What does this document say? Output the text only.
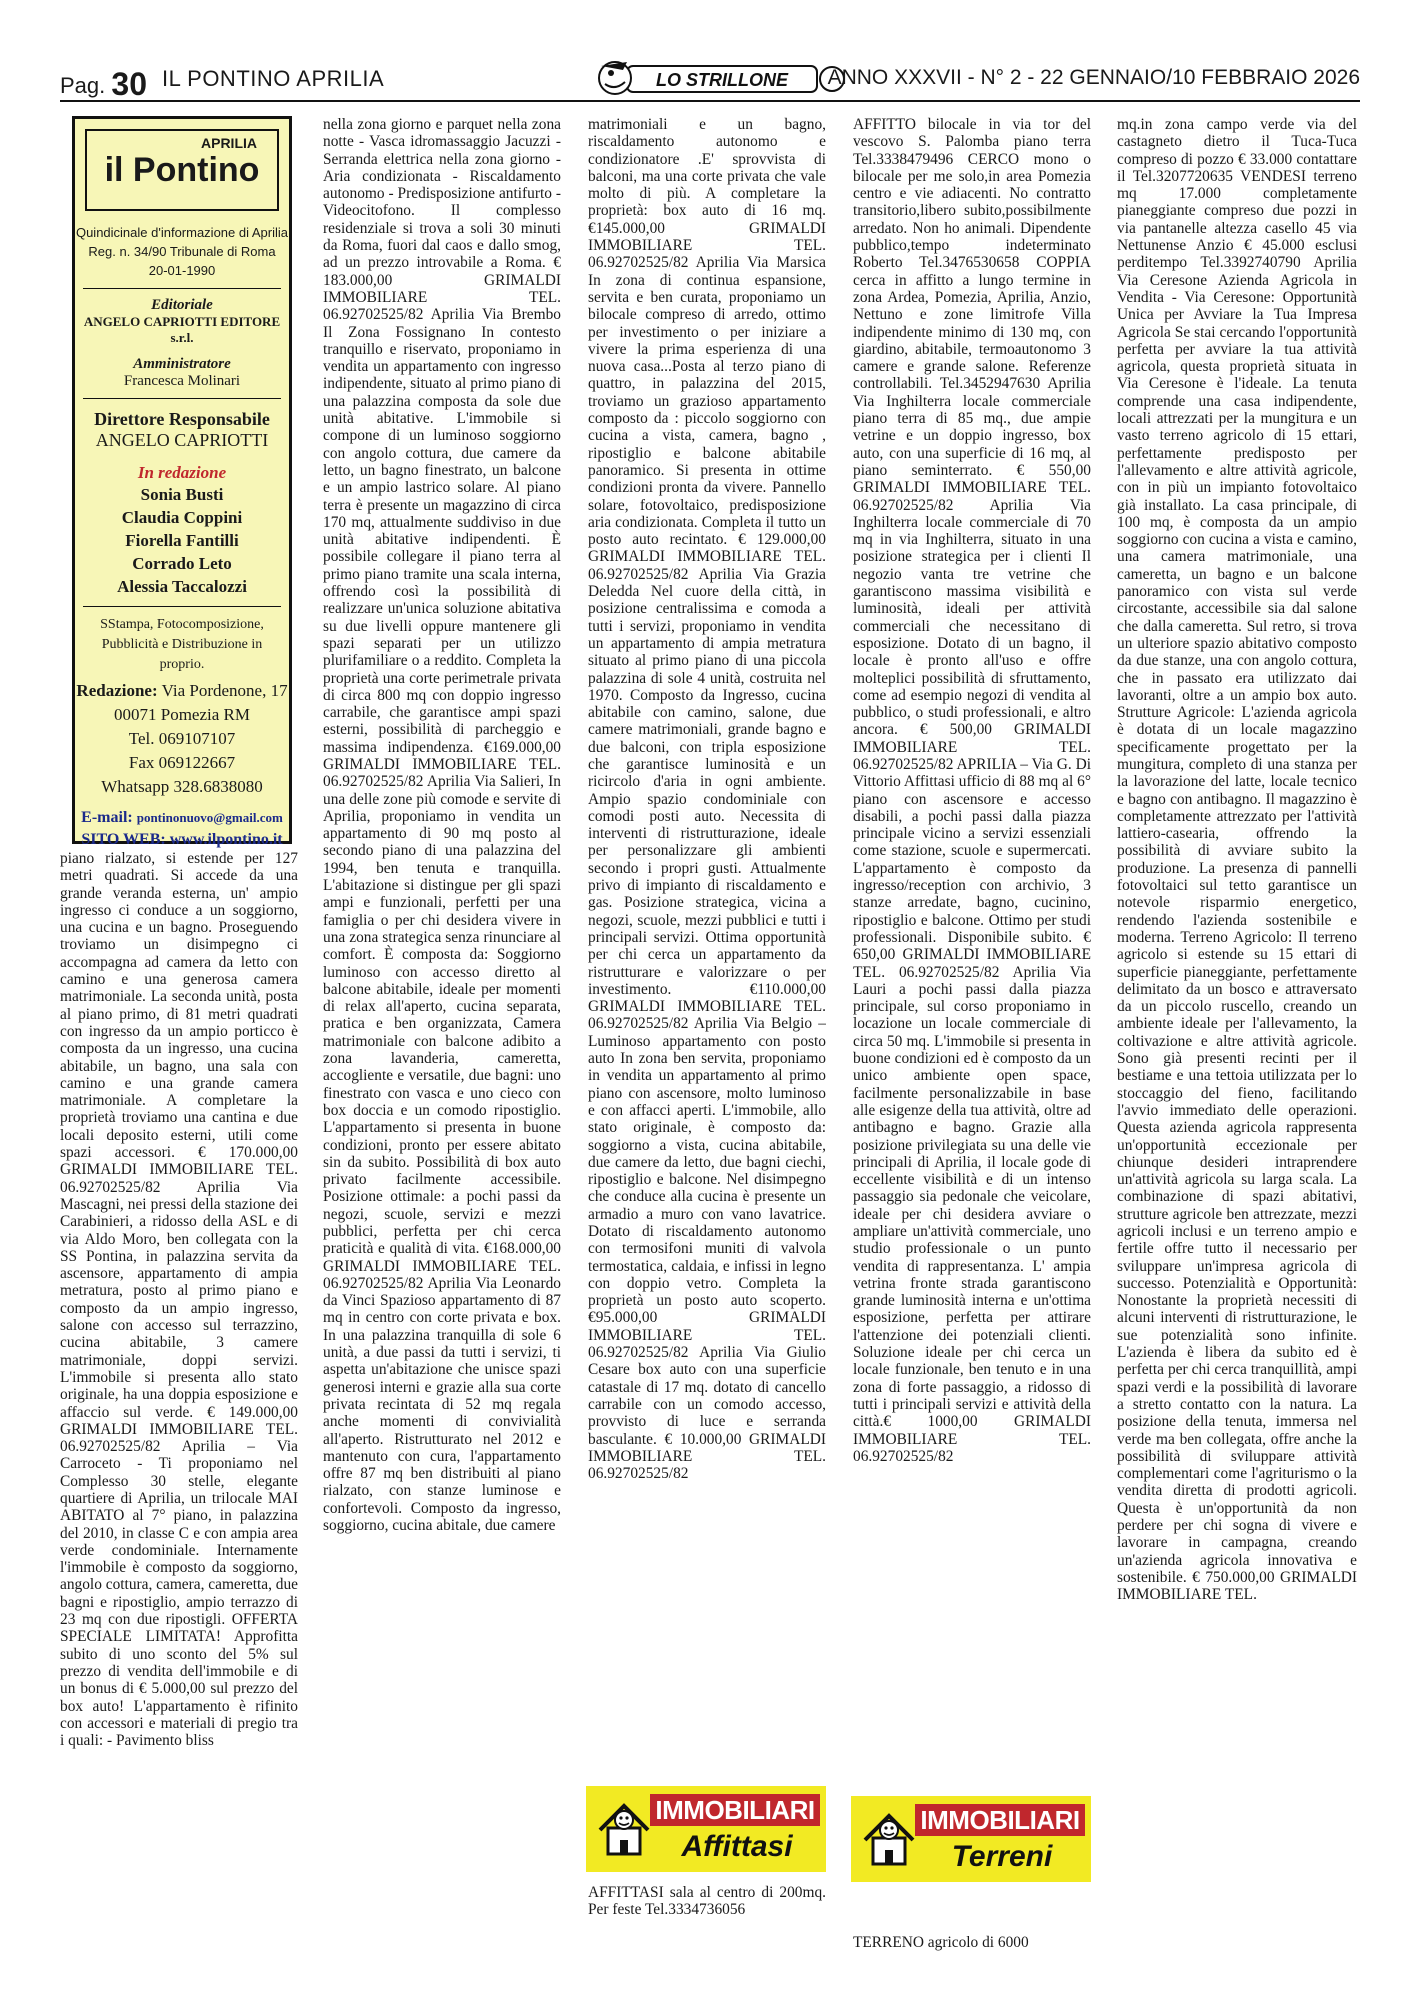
Pag. 30 IL PONTINO APRILIA	LO STRILLONE ANNO XXXVII - N° 2 - 22 GENNAIO/10 FEBBRAIO 2026
APRILIA
il Pontino
Quindicinale d'informazione di Aprilia
Reg. n. 34/90 Tribunale di Roma
20-01-1990
Editoriale
ANGELO CAPRIOTTI EDITORE s.r.l.
Amministratore
Francesca Molinari
Direttore Responsabile
ANGELO CAPRIOTTI
In redazione
Sonia Busti
Claudia Coppini
Fiorella Fantilli
Corrado Leto
Alessia Taccalozzi
SStampa, Fotocomposizione, Pubblicità e Distribuzione in proprio.
Redazione: Via Pordenone, 17
00071 Pomezia RM
Tel. 069107107
Fax 069122667
Whatsapp 328.6838080
E-mail: pontinonuovo@gmail.com
SITO WEB: www.ilpontino.it

piano rialzato, si estende per 127 metri quadrati. Si accede da una grande veranda esterna, un' ampio ingresso ci conduce a un soggiorno, una cucina e un bagno. Proseguendo troviamo un disimpegno ci accompagna ad camera da letto con camino e una generosa camera matrimoniale. La seconda unità, posta al piano primo, di 81 metri quadrati con ingresso da un ampio porticco è composta da un ingresso, una cucina abitabile, un bagno, una sala con camino e una grande camera matrimoniale. A completare la proprietà troviamo una cantina e due locali deposito esterni, utili come spazi accessori. € 170.000,00 GRIMALDI IMMOBILIARE TEL. 06.92702525/82 Aprilia Via Mascagni, nei pressi della stazione dei Carabinieri, a ridosso della ASL e di via Aldo Moro, ben collegata con la SS Pontina, in palazzina servita da ascensore, appartamento di ampia metratura, posto al primo piano e composto da un ampio ingresso, salone con accesso sul terrazzino, cucina abitabile, 3 camere matrimoniale, doppi servizi. L'immobile si presenta allo stato originale, ha una doppia esposizione e affaccio sul verde. € 149.000,00 GRIMALDI IMMOBILIARE TEL. 06.92702525/82 Aprilia – Via Carroceto - Ti proponiamo nel Complesso 30 stelle, elegante quartiere di Aprilia, un trilocale MAI ABITATO al 7° piano, in palazzina del 2010, in classe C e con ampia area verde condominiale. Internamente l'immobile è composto da soggiorno, angolo cottura, camera, cameretta, due bagni e ripostiglio, ampio terrazzo di 23 mq con due ripostigli. OFFERTA SPECIALE LIMITATA! Approfitta subito di uno sconto del 5% sul prezzo di vendita dell'immobile e di un bonus di € 5.000,00 sul prezzo del box auto! L'appartamento è rifinito con accessori e materiali di pregio tra i quali: - Pavimento bliss

nella zona giorno e parquet nella zona notte - Vasca idromassaggio Jacuzzi - Serranda elettrica nella zona giorno - Aria condizionata - Riscaldamento autonomo - Predisposizione antifurto - Videocitofono. Il complesso residenziale si trova a soli 30 minuti da Roma, fuori dal caos e dallo smog, ad un prezzo introvabile a Roma. € 183.000,00 GRIMALDI IMMOBILIARE TEL. 06.92702525/82 Aprilia Via Brembo Il Zona Fossignano In contesto tranquillo e riservato, proponiamo in vendita un appartamento con ingresso indipendente, situato al primo piano di una palazzina composta da sole due unità abitative. L'immobile si compone di un luminoso soggiorno con angolo cottura, due camere da letto, un bagno finestrato, un balcone e un ampio lastrico solare. Al piano terra è presente un magazzino di circa 170 mq, attualmente suddiviso in due unità abitative indipendenti. È possibile collegare il piano terra al primo piano tramite una scala interna, offrendo così la possibilità di realizzare un'unica soluzione abitativa su due livelli oppure mantenere gli spazi separati per un utilizzo plurifamiliare o a reddito. Completa la proprietà una corte perimetrale privata di circa 800 mq con doppio ingresso carrabile, che garantisce ampi spazi esterni, possibilità di parcheggio e massima indipendenza. €169.000,00 GRIMALDI IMMOBILIARE TEL. 06.92702525/82 Aprilia Via Salieri, In una delle zone più comode e servite di Aprilia, proponiamo in vendita un appartamento di 90 mq posto al secondo piano di una palazzina del 1994, ben tenuta e tranquilla. L'abitazione si distingue per gli spazi ampi e funzionali, perfetti per una famiglia o per chi desidera vivere in una zona strategica senza rinunciare al comfort. È composta da: Soggiorno luminoso con accesso diretto al balcone abitabile, ideale per momenti di relax all'aperto, cucina separata, pratica e ben organizzata, Camera matrimoniale con balcone adibito a zona lavanderia, cameretta, accogliente e versatile, due bagni: uno finestrato con vasca e uno cieco con box doccia e un comodo ripostiglio. L'appartamento si presenta in buone condizioni, pronto per essere abitato sin da subito. Possibilità di box auto privato facilmente accessibile. Posizione ottimale: a pochi passi da negozi, scuole, servizi e mezzi pubblici, perfetta per chi cerca praticità e qualità di vita. €168.000,00 GRIMALDI IMMOBILIARE TEL. 06.92702525/82 Aprilia Via Leonardo da Vinci Spazioso appartamento di 87 mq in centro con corte privata e box. In una palazzina tranquilla di sole 6 unità, a due passi da tutti i servizi, ti aspetta un'abitazione che unisce spazi generosi interni e grazie alla sua corte privata recintata di 52 mq regala anche momenti di convivialità all'aperto. Ristrutturato nel 2012 e mantenuto con cura, l'appartamento offre 87 mq ben distribuiti al piano rialzato, con stanze luminose e confortevoli. Composto da ingresso, soggiorno, cucina abitale, due camere

matrimoniali e un bagno, riscaldamento autonomo e condizionatore .E' sprovvista di balconi, ma una corte privata che vale molto di più. A completare la proprietà: box auto di 16 mq. €145.000,00 GRIMALDI IMMOBILIARE TEL. 06.92702525/82 Aprilia Via Marsica In zona di continua espansione, servita e ben curata, proponiamo un bilocale compreso di arredo, ottimo per investimento o per iniziare a vivere la prima esperienza di una nuova casa...Posta al terzo piano di quattro, in palazzina del 2015, troviamo un grazioso appartamento composto da : piccolo soggiorno con cucina a vista, camera, bagno , ripostiglio e balcone abitabile panoramico. Si presenta in ottime condizioni pronta da vivere. Pannello solare, fotovoltaico, predisposizione aria condizionata. Completa il tutto un posto auto recintato. € 129.000,00 GRIMALDI IMMOBILIARE TEL. 06.92702525/82 Aprilia Via Grazia Deledda Nel cuore della città, in posizione centralissima e comoda a tutti i servizi, proponiamo in vendita un appartamento di ampia metratura situato al primo piano di una piccola palazzina di sole 4 unità, costruita nel 1970. Composto da Ingresso, cucina abitabile con camino, salone, due camere matrimoniali, grande bagno e due balconi, con tripla esposizione che garantisce luminosità e un ricircolo d'aria in ogni ambiente. Ampio spazio condominiale con comodi posti auto. Necessita di interventi di ristrutturazione, ideale per personalizzare gli ambienti secondo i propri gusti. Attualmente privo di impianto di riscaldamento e gas. Posizione strategica, vicina a negozi, scuole, mezzi pubblici e tutti i principali servizi. Ottima opportunità per chi cerca un appartamento da ristrutturare e valorizzare o per investimento. €110.000,00 GRIMALDI IMMOBILIARE TEL. 06.92702525/82 Aprilia Via Belgio – Luminoso appartamento con posto auto In zona ben servita, proponiamo in vendita un appartamento al primo piano con ascensore, molto luminoso e con affacci aperti. L'immobile, allo stato originale, è composto da: soggiorno a vista, cucina abitabile, due camere da letto, due bagni ciechi, ripostiglio e balcone. Nel disimpegno che conduce alla cucina è presente un armadio a muro con vano lavatrice. Dotato di riscaldamento autonomo con termosifoni muniti di valvola termostatica, caldaia, e infissi in legno con doppio vetro. Completa la proprietà un posto auto scoperto. €95.000,00 GRIMALDI IMMOBILIARE TEL. 06.92702525/82 Aprilia Via Giulio Cesare box auto con una superficie catastale di 17 mq. dotato di cancello carrabile con un comodo accesso, provvisto di luce e serranda basculante. € 10.000,00 GRIMALDI IMMOBILIARE TEL. 06.92702525/82

AFFITTO bilocale in via tor del vescovo S. Palomba piano terra Tel.3338479496 CERCO mono o bilocale per me solo,in area Pomezia centro e vie adiacenti. No contratto transitorio,libero subito,possibilmente arredato. Non ho animali. Dipendente pubblico,tempo indeterminato Roberto Tel.3476530658 COPPIA cerca in affitto a lungo termine in zona Ardea, Pomezia, Aprilia, Anzio, Nettuno e zone limitrofe Villa indipendente minimo di 130 mq, con giardino, abitabile, termoautonomo 3 camere e grande salone. Referenze controllabili. Tel.3452947630 Aprilia Via Inghilterra locale commerciale piano terra di 85 mq., due ampie vetrine e un doppio ingresso, box auto, con una superficie di 16 mq, al piano seminterrato. € 550,00 GRIMALDI IMMOBILIARE TEL. 06.92702525/82 Aprilia Via Inghilterra locale commerciale di 70 mq in via Inghilterra, situato in una posizione strategica per i clienti Il negozio vanta tre vetrine che garantiscono massima visibilità e luminosità, ideali per attività commerciali che necessitano di esposizione. Dotato di un bagno, il locale è pronto all'uso e offre molteplici possibilità di sfruttamento, come ad esempio negozi di vendita al pubblico, o studi professionali, e altro ancora. € 500,00 GRIMALDI IMMOBILIARE TEL. 06.92702525/82 APRILIA – Via G. Di Vittorio Affittasi ufficio di 88 mq al 6° piano con ascensore e accesso disabili, a pochi passi dalla piazza principale vicino a servizi essenziali come stazione, scuole e supermercati. L'appartamento è composto da ingresso/reception con archivio, 3 stanze arredate, bagno, cucinino, ripostiglio e balcone. Ottimo per studi professionali. Disponibile subito. € 650,00 GRIMALDI IMMOBILIARE TEL. 06.92702525/82 Aprilia Via Lauri a pochi passi dalla piazza principale, sul corso proponiamo in locazione un locale commerciale di circa 50 mq. L'immobile si presenta in buone condizioni ed è composto da un unico ambiente open space, facilmente personalizzabile in base alle esigenze della tua attività, oltre ad antibagno e bagno. Grazie alla posizione privilegiata su una delle vie principali di Aprilia, il locale gode di eccellente visibilità e di un intenso passaggio sia pedonale che veicolare, ideale per chi desidera avviare o ampliare un'attività commerciale, uno studio professionale o un punto vendita di rappresentanza. L' ampia vetrina fronte strada garantiscono grande luminosità interna e un'ottima esposizione, perfetta per attirare l'attenzione dei potenziali clienti. Soluzione ideale per chi cerca un locale funzionale, ben tenuto e in una zona di forte passaggio, a ridosso di tutti i principali servizi e attività della città.€ 1000,00 GRIMALDI IMMOBILIARE TEL. 06.92702525/82

mq.in zona campo verde via del castagneto dietro il Tuca-Tuca compreso di pozzo € 33.000 contattare il Tel.3207720635 VENDESI terreno mq 17.000 completamente pianeggiante compreso due pozzi in via pantanelle altezza casello 45 via Nettunense Anzio € 45.000 esclusi perditempo Tel.3392740790 Aprilia Via Ceresone Azienda Agricola in Vendita - Via Ceresone: Opportunità Unica per Avviare la Tua Impresa Agricola Se stai cercando l'opportunità perfetta per avviare la tua attività agricola, questa proprietà situata in Via Ceresone è l'ideale. La tenuta comprende una casa indipendente, locali attrezzati per la mungitura e un vasto terreno agricolo di 15 ettari, perfettamente predisposto per l'allevamento e altre attività agricole, con in più un impianto fotovoltaico già installato. La casa principale, di 100 mq, è composta da un ampio soggiorno con cucina a vista e camino, una camera matrimoniale, una cameretta, un bagno e un balcone panoramico con vista sul verde circostante, accessibile sia dal salone che dalla cameretta. Sul retro, si trova un ulteriore spazio abitativo composto da due stanze, una con angolo cottura, che in passato era utilizzato dai lavoranti, oltre a un ampio box auto. Strutture Agricole: L'azienda agricola è dotata di un locale magazzino specificamente progettato per la mungitura, completo di una stanza per la lavorazione del latte, locale tecnico e bagno con antibagno. Il magazzino è completamente attrezzato per l'attività lattiero-casearia, offrendo la possibilità di avviare subito la produzione. La presenza di pannelli fotovoltaici sul tetto garantisce un notevole risparmio energetico, rendendo l'azienda sostenibile e moderna. Terreno Agricolo: Il terreno agricolo si estende su 15 ettari di superficie pianeggiante, perfettamente delimitato da un bosco e attraversato da un piccolo ruscello, creando un ambiente ideale per l'allevamento, la coltivazione e altre attività agricole. Sono già presenti recinti per il bestiame e una tettoia utilizzata per lo stoccaggio del fieno, facilitando l'avvio immediato delle operazioni. Questa azienda agricola rappresenta un'opportunità eccezionale per chiunque desideri intraprendere un'attività agricola su larga scala. La combinazione di spazi abitativi, strutture agricole ben attrezzate, mezzi agricoli inclusi e un terreno ampio e fertile offre tutto il necessario per sviluppare un'impresa agricola di successo. Potenzialità e Opportunità: Nonostante la proprietà necessiti di alcuni interventi di ristrutturazione, le sue potenzialità sono infinite. L'azienda è libera da subito ed è perfetta per chi cerca tranquillità, ampi spazi verdi e la possibilità di lavorare a stretto contatto con la natura. La posizione della tenuta, immersa nel verde ma ben collegata, offre anche la possibilità di sviluppare attività complementari come l'agriturismo o la vendita diretta di prodotti agricoli. Questa è un'opportunità da non perdere per chi sogna di vivere e lavorare in campagna, creando un'azienda agricola innovativa e sostenibile. € 750.000,00 GRIMALDI IMMOBILIARE TEL.

IMMOBILIARI
Affittasi
AFFITTASI sala al centro di 200mq. Per feste Tel.3334736056
IMMOBILIARI
Terreni
TERRENO agricolo di 6000
